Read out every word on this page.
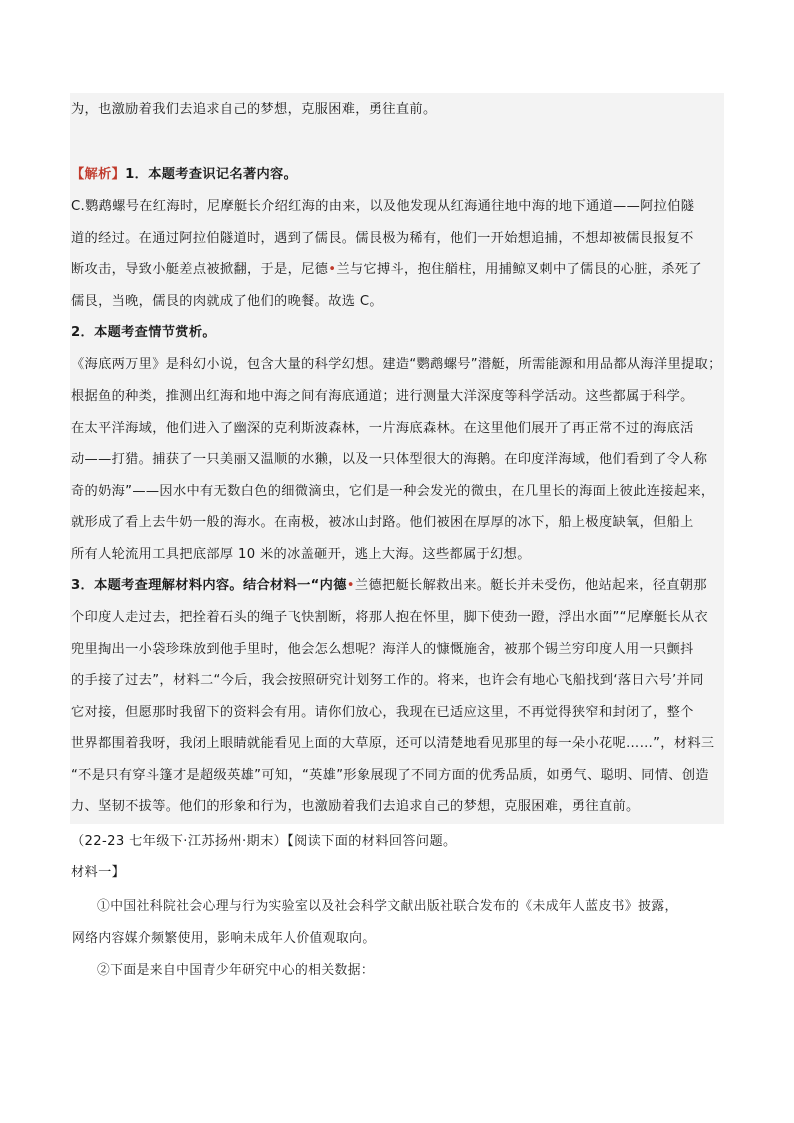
为，也激励着我们去追求自己的梦想，克服困难，勇往直前。
【解析】1．本题考查识记名著内容。
C.鹦鹉螺号在红海时，尼摩艇长介绍红海的由来，以及他发现从红海通往地中海的地下通道——阿拉伯隧
道的经过。在通过阿拉伯隧道时，遇到了儒艮。儒艮极为稀有，他们一开始想追捕，不想却被儒艮报复不
断攻击，导致小艇差点被掀翻，于是，尼德•兰与它搏斗，抱住艏柱，用捕鲸叉刺中了儒艮的心脏，杀死了
儒艮，当晚，儒艮的肉就成了他们的晚餐。故选 C。
2．本题考查情节赏析。
《海底两万里》是科幻小说，包含大量的科学幻想。建造“鹦鹉螺号”潜艇，所需能源和用品都从海洋里提取；
根据鱼的种类，推测出红海和地中海之间有海底通道；进行测量大洋深度等科学活动。这些都属于科学。
在太平洋海域，他们进入了幽深的克利斯波森林，一片海底森林。在这里他们展开了再正常不过的海底活
动——打猎。捕获了一只美丽又温顺的水獭，以及一只体型很大的海鹅。在印度洋海域，他们看到了令人称
奇的奶海”——因水中有无数白色的细微滴虫，它们是一种会发光的微虫，在几里长的海面上彼此连接起来，
就形成了看上去牛奶一般的海水。在南极，被冰山封路。他们被困在厚厚的冰下，船上极度缺氧，但船上
所有人轮流用工具把底部厚 10 米的冰盖砸开，逃上大海。这些都属于幻想。
3．本题考查理解材料内容。结合材料一“内德•兰德把艇长解救出来。艇长并未受伤，他站起来，径直朝那
个印度人走过去，把拴着石头的绳子飞快割断，将那人抱在怀里，脚下使劲一蹬，浮出水面”“尼摩艇长从衣
兜里掏出一小袋珍珠放到他手里时，他会怎么想呢？海洋人的慷慨施舍，被那个锡兰穷印度人用一只颤抖
的手接了过去”，材料二“今后，我会按照研究计划努工作的。将来，也许会有地心飞船找到‘落日六号’并同
它对接，但愿那时我留下的资料会有用。请你们放心，我现在已适应这里，不再觉得狭窄和封闭了，整个
世界都围着我呀，我闭上眼睛就能看见上面的大草原，还可以清楚地看见那里的每一朵小花呢……”，材料三
“不是只有穿斗篷才是超级英雄”可知，“英雄”形象展现了不同方面的优秀品质，如勇气、聪明、同情、创造
力、坚韧不拔等。他们的形象和行为，也激励着我们去追求自己的梦想，克服困难，勇往直前。
（22-23 七年级下·江苏扬州·期末）【阅读下面的材料回答问题。
材料一】
①中国社科院社会心理与行为实验室以及社会科学文献出版社联合发布的《未成年人蓝皮书》披露，
网络内容媒介频繁使用，影响未成年人价值观取向。
②下面是来自中国青少年研究中心的相关数据：
